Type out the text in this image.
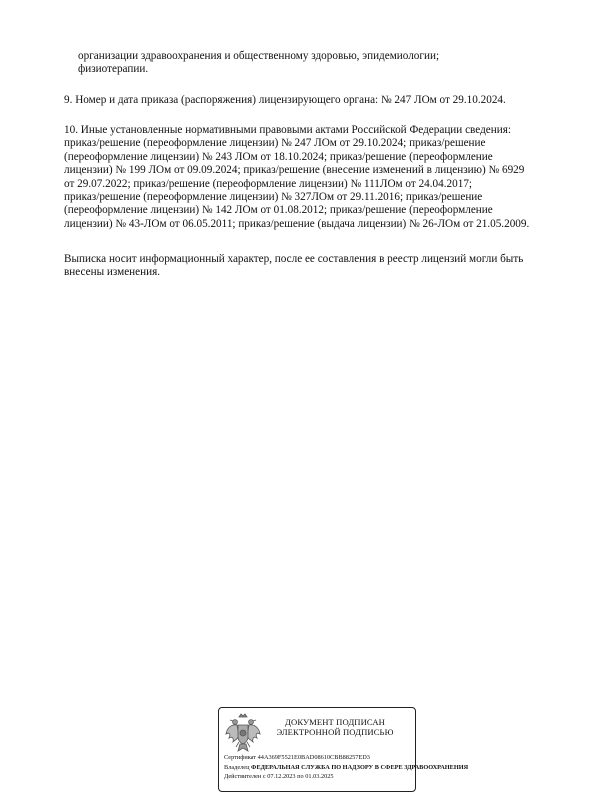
организации здравоохранения и общественному здоровью, эпидемиологии;
физиотерапии.
9. Номер и дата приказа (распоряжения) лицензирующего органа: № 247 ЛОм от 29.10.2024.
10. Иные установленные нормативными правовыми актами Российской Федерации сведения:
приказ/решение (переоформление лицензии) № 247 ЛОм от 29.10.2024; приказ/решение
(переоформление лицензии) № 243 ЛОм от 18.10.2024; приказ/решение (переоформление
лицензии) № 199 ЛОм от 09.09.2024; приказ/решение (внесение изменений в лицензию) № 6929
от 29.07.2022; приказ/решение (переоформление лицензии) № 111ЛОм от 24.04.2017;
приказ/решение (переоформление лицензии) № 327ЛОм от 29.11.2016; приказ/решение
(переоформление лицензии) № 142 ЛОм от 01.08.2012; приказ/решение (переоформление
лицензии) № 43-ЛОм от 06.05.2011; приказ/решение (выдача лицензии) № 26-ЛОм от 21.05.2009.
Выписка носит информационный характер, после ее составления в реестр лицензий могли быть
внесены изменения.
ДОКУМЕНТ ПОДПИСАН
ЭЛЕКТРОННОЙ ПОДПИСЬЮ
Сертификат 44A369F5521E0BAD08610CBB88257ED3
Владелец ФЕДЕРАЛЬНАЯ СЛУЖБА ПО НАДЗОРУ В СФЕРЕ ЗДРАВООХРАНЕНИЯ
Действителен с 07.12.2023 по 01.03.2025
